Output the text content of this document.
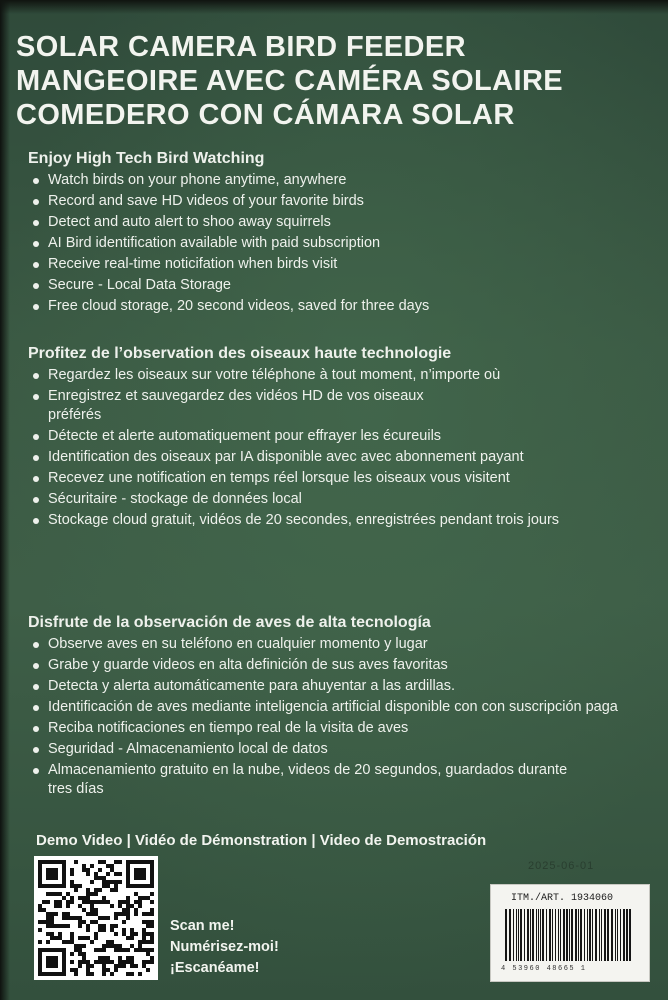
SOLAR CAMERA BIRD FEEDER
MANGEOIRE AVEC CAMÉRA SOLAIRE
COMEDERO CON CÁMARA SOLAR
Enjoy High Tech Bird Watching
Watch birds on your phone anytime, anywhere
Record and save HD videos of your favorite birds
Detect and auto alert to shoo away squirrels
AI Bird identification available with paid subscription
Receive real-time noticifation when birds visit
Secure - Local Data Storage
Free cloud storage, 20 second videos, saved for three days
Profitez de l’observation des oiseaux haute technologie
Regardez les oiseaux sur votre téléphone à tout moment, n’importe où
Enregistrez et sauvegardez des vidéos HD de vos oiseaux préférés
Détecte et alerte automatiquement pour effrayer les écureuils
Identification des oiseaux par IA disponible avec avec abonnement payant
Recevez une notification en temps réel lorsque les oiseaux vous visitent
Sécuritaire - stockage de données local
Stockage cloud gratuit, vidéos de 20 secondes, enregistrées pendant trois jours
Disfrute de la observación de aves de alta tecnología
Observe aves en su teléfono en cualquier momento y lugar
Grabe y guarde videos en alta definición de sus aves favoritas
Detecta y alerta automáticamente para ahuyentar a las ardillas.
Identificación de aves mediante inteligencia artificial disponible con con suscripción paga
Reciba notificaciones en tiempo real de la visita de aves
Seguridad - Almacenamiento local de datos
Almacenamiento gratuito en la nube, videos de 20 segundos, guardados durante tres días
Demo Video | Vidéo de Démonstration | Video de Demostración
2025-06-01
Scan me!
Numérisez-moi!
¡Escanéame!
ITM./ART. 1934060
4 53960 48665 1
